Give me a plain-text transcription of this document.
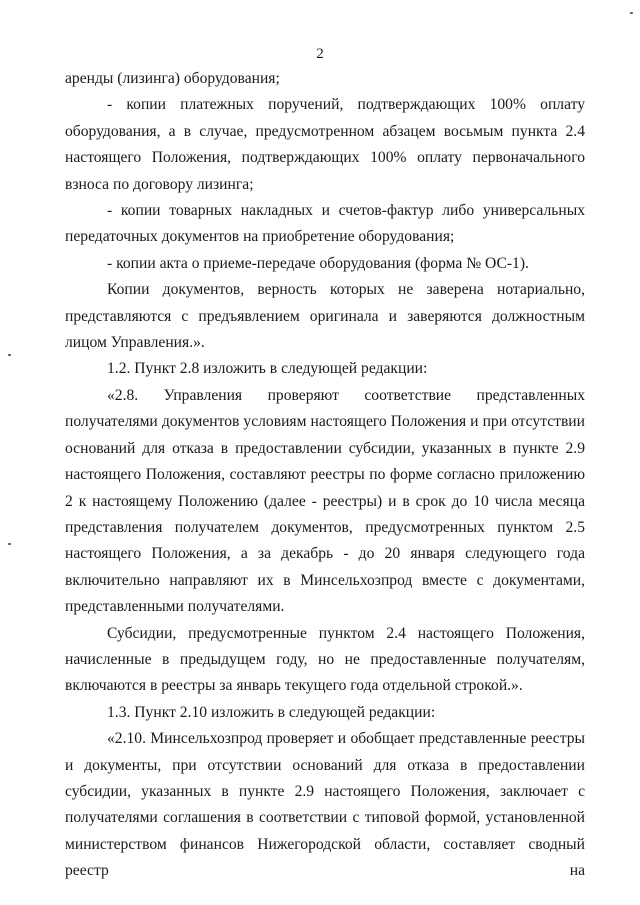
2

аренды (лизинга) оборудования;

- копии платежных поручений, подтверждающих 100% оплату оборудования, а в случае, предусмотренном абзацем восьмым пункта 2.4 настоящего Положения, подтверждающих 100% оплату первоначального взноса по договору лизинга;

- копии товарных накладных и счетов-фактур либо универсальных передаточных документов на приобретение оборудования;

- копии акта о приеме-передаче оборудования (форма № ОС-1).

Копии документов, верность которых не заверена нотариально, представляются с предъявлением оригинала и заверяются должностным лицом Управления.».

1.2. Пункт 2.8 изложить в следующей редакции:

«2.8. Управления проверяют соответствие представленных получателями документов условиям настоящего Положения и при отсутствии оснований для отказа в предоставлении субсидии, указанных в пункте 2.9 настоящего Положения, составляют реестры по форме согласно приложению 2 к настоящему Положению (далее - реестры) и в срок до 10 числа месяца представления получателем документов, предусмотренных пунктом 2.5 настоящего Положения, а за декабрь - до 20 января следующего года включительно направляют их в Минсельхозпрод вместе с документами, представленными получателями.

Субсидии, предусмотренные пунктом 2.4 настоящего Положения, начисленные в предыдущем году, но не предоставленные получателям, включаются в реестры за январь текущего года отдельной строкой.».

1.3. Пункт 2.10 изложить в следующей редакции:

«2.10. Минсельхозпрод проверяет и обобщает представленные реестры и документы, при отсутствии оснований для отказа в предоставлении субсидии, указанных в пункте 2.9 настоящего Положения, заключает с получателями соглашения в соответствии с типовой формой, установленной министерством финансов Нижегородской области, составляет сводный реестр на
